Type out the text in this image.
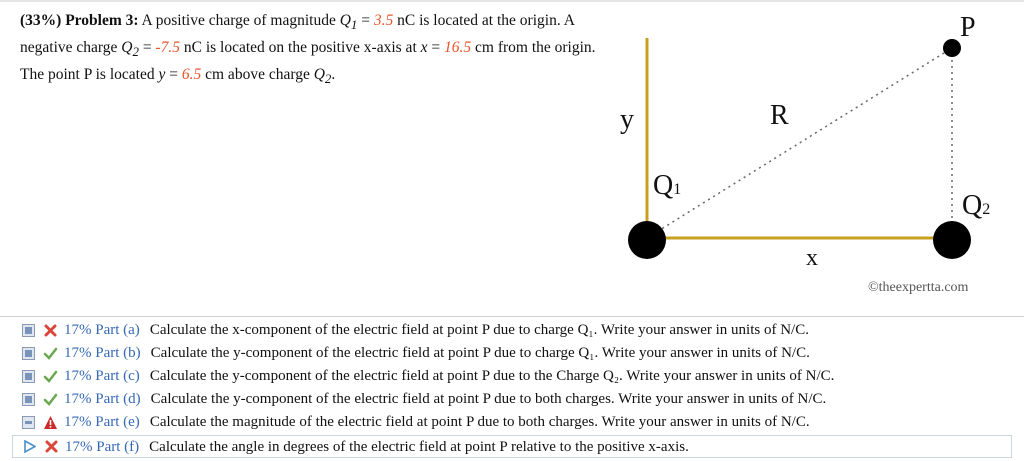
(33%) Problem 3: A positive charge of magnitude $Q_1 = 3.5$ nC is located at the origin. A negative charge $Q_2 = -7.5$ nC is located on the positive x-axis at x = 16.5 cm from the origin. The point P is located y = 6.5 cm above charge $Q_2$.
P
y	R
Q1
Q2
x
©theexpertta.com
17% Part (a) Calculate the x-component of the electric field at point P due to charge Q₁. Write your answer in units of N/C.
17% Part (b) Calculate the y-component of the electric field at point P due to charge Q₁. Write your answer in units of N/C.
17% Part (c) Calculate the y-component of the electric field at point P due to the Charge Q₂. Write your answer in units of N/C.
17% Part (d) Calculate the y-component of the electric field at point P due to both charges. Write your answer in units of N/C.
17% Part (e) Calculate the magnitude of the electric field at point P due to both charges. Write your answer in units of N/C.
17% Part (f) Calculate the angle in degrees of the electric field at point P relative to the positive x-axis.
